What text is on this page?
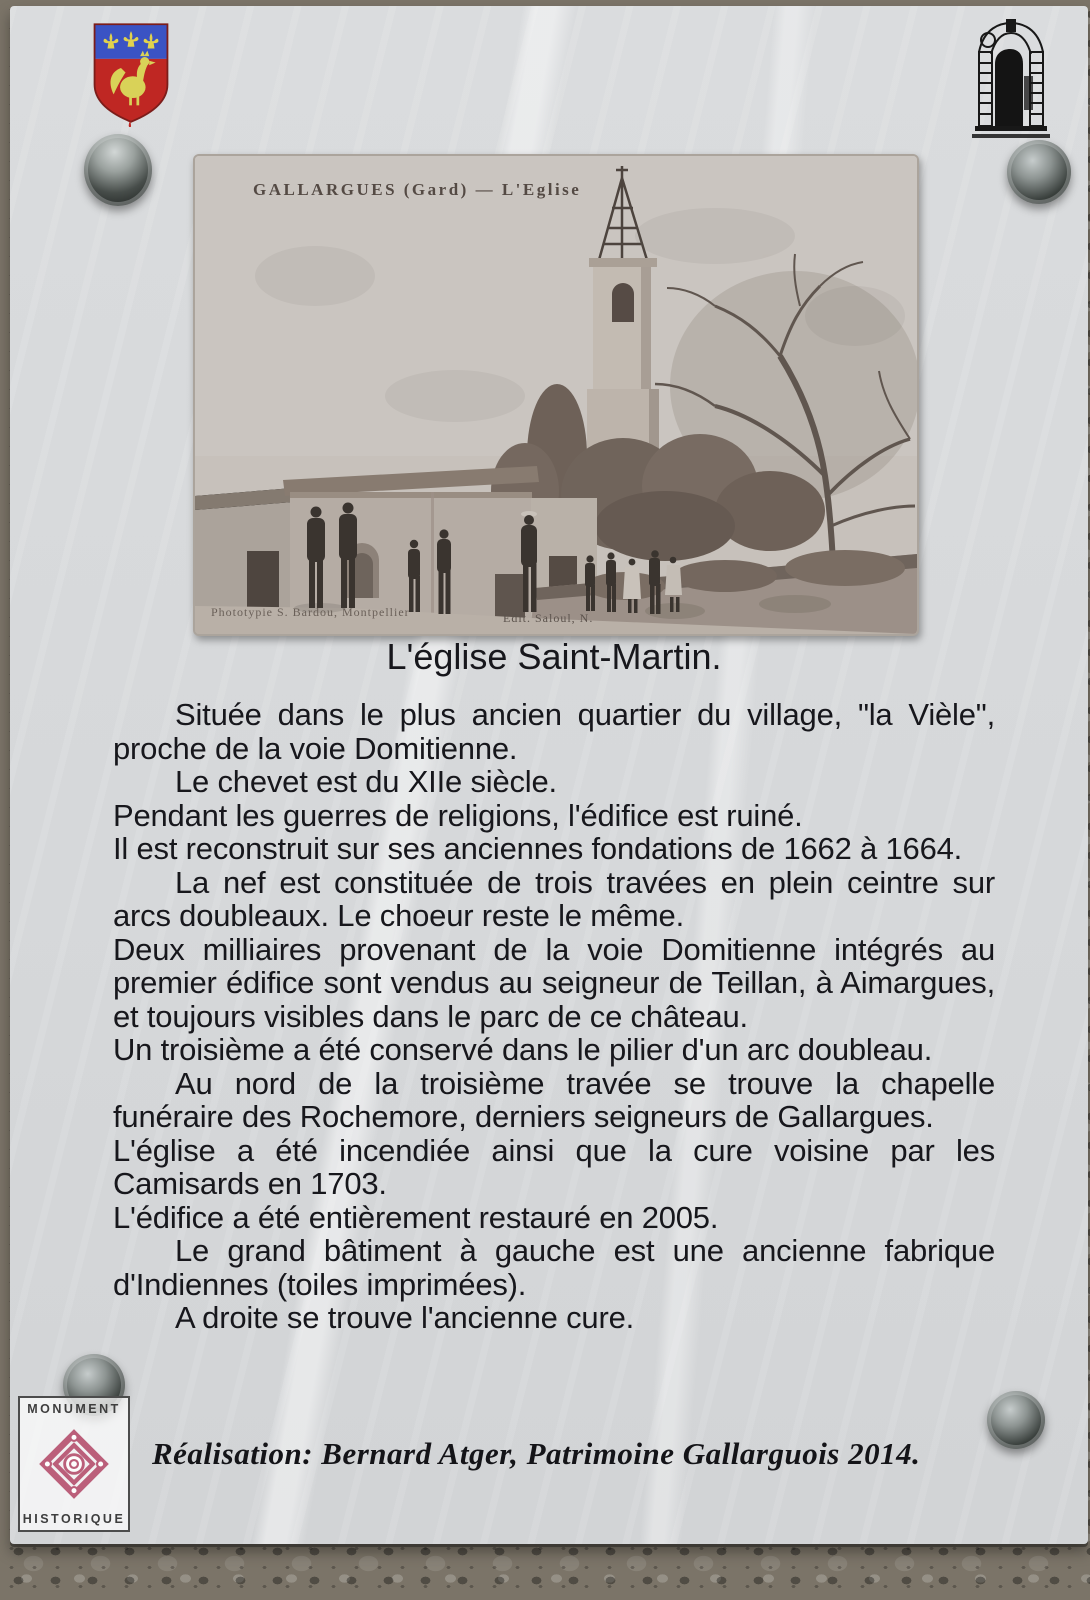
GALLARGUES (Gard) — L'Eglise
Phototypie S. Bardou, Montpellier	Edit. Saloul, N.
L'église Saint-Martin.

Située dans le plus ancien quartier du village, "la Vièle", proche de la voie Domitienne.

Le chevet est du XIIe siècle.

Pendant les guerres de religions, l'édifice est ruiné.

Il est reconstruit sur ses anciennes fondations de 1662 à 1664.

La nef est constituée de trois travées en plein ceintre sur arcs doubleaux. Le choeur reste le même.

Deux milliaires provenant de la voie Domitienne intégrés au premier édifice sont vendus au seigneur de Teillan, à Aimargues, et toujours visibles dans le parc de ce château.

Un troisième a été conservé dans le pilier d'un arc doubleau.

Au nord de la troisième travée se trouve la chapelle funéraire des Rochemore, derniers seigneurs de Gallargues.

L'église a été incendiée ainsi que la cure voisine par les Camisards en 1703.

L'édifice a été entièrement restauré en 2005.

Le grand bâtiment à gauche est une ancienne fabrique d'Indiennes (toiles imprimées).

A droite se trouve l'ancienne cure.

MONUMENT
HISTORIQUE
Réalisation: Bernard Atger, Patrimoine Gallarguois 2014.
